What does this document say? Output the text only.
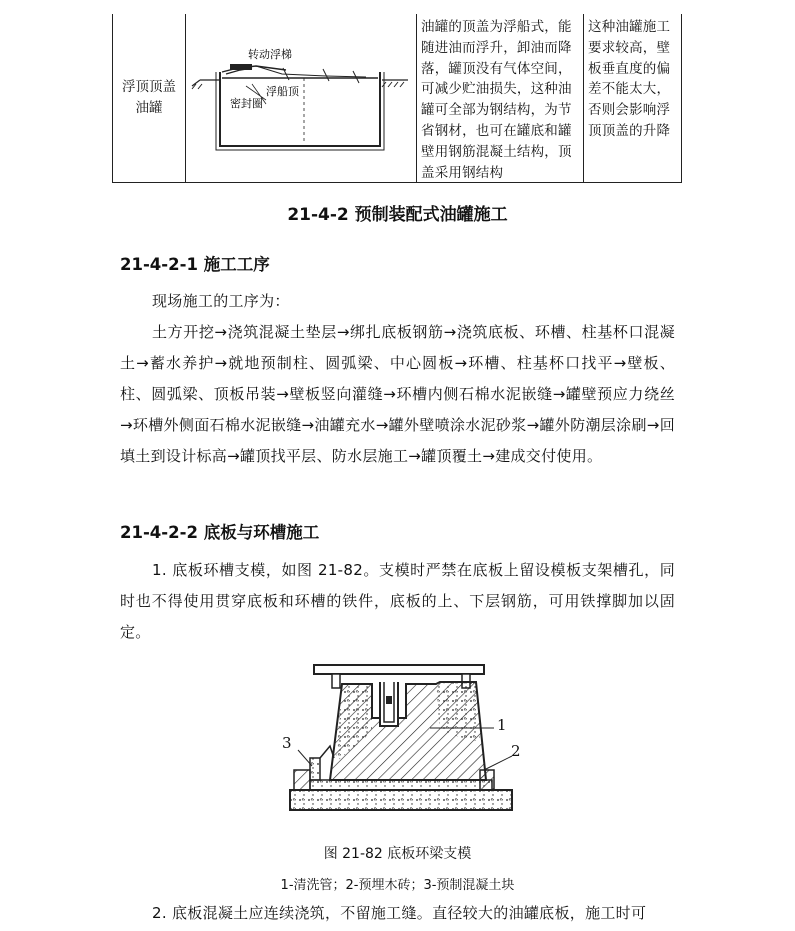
浮顶顶盖
油罐
转动浮梯
浮船顶
密封圈
油罐的顶盖为浮船式，能随进油而浮升，卸油而降落，罐顶没有气体空间，可减少贮油损失，这种油罐可全部为钢结构，为节省钢材，也可在罐底和罐壁用钢筋混凝土结构，顶盖采用钢结构
这种油罐施工要求较高，壁板垂直度的偏差不能太大，否则会影响浮顶顶盖的升降
21-4-2 预制装配式油罐施工
21-4-2-1 施工工序
现场施工的工序为：
土方开挖→浇筑混凝土垫层→绑扎底板钢筋→浇筑底板、环槽、柱基杯口混凝土→蓄水养护→就地预制柱、圆弧梁、中心圆板→环槽、柱基杯口找平→壁板、柱、圆弧梁、顶板吊装→壁板竖向灌缝→环槽内侧石棉水泥嵌缝→罐壁预应力绕丝→环槽外侧面石棉水泥嵌缝→油罐充水→罐外壁喷涂水泥砂浆→罐外防潮层涂刷→回填土到设计标高→罐顶找平层、防水层施工→罐顶覆土→建成交付使用。
21-4-2-2 底板与环槽施工
1. 底板环槽支模，如图 21-82。支模时严禁在底板上留设模板支架槽孔，同时也不得使用贯穿底板和环槽的铁件，底板的上、下层钢筋，可用铁撑脚加以固定。
1
2
3
图 21-82 底板环梁支模
1-清洗管；2-预埋木砖；3-预制混凝土块
2. 底板混凝土应连续浇筑，不留施工缝。直径较大的油罐底板，施工时可
